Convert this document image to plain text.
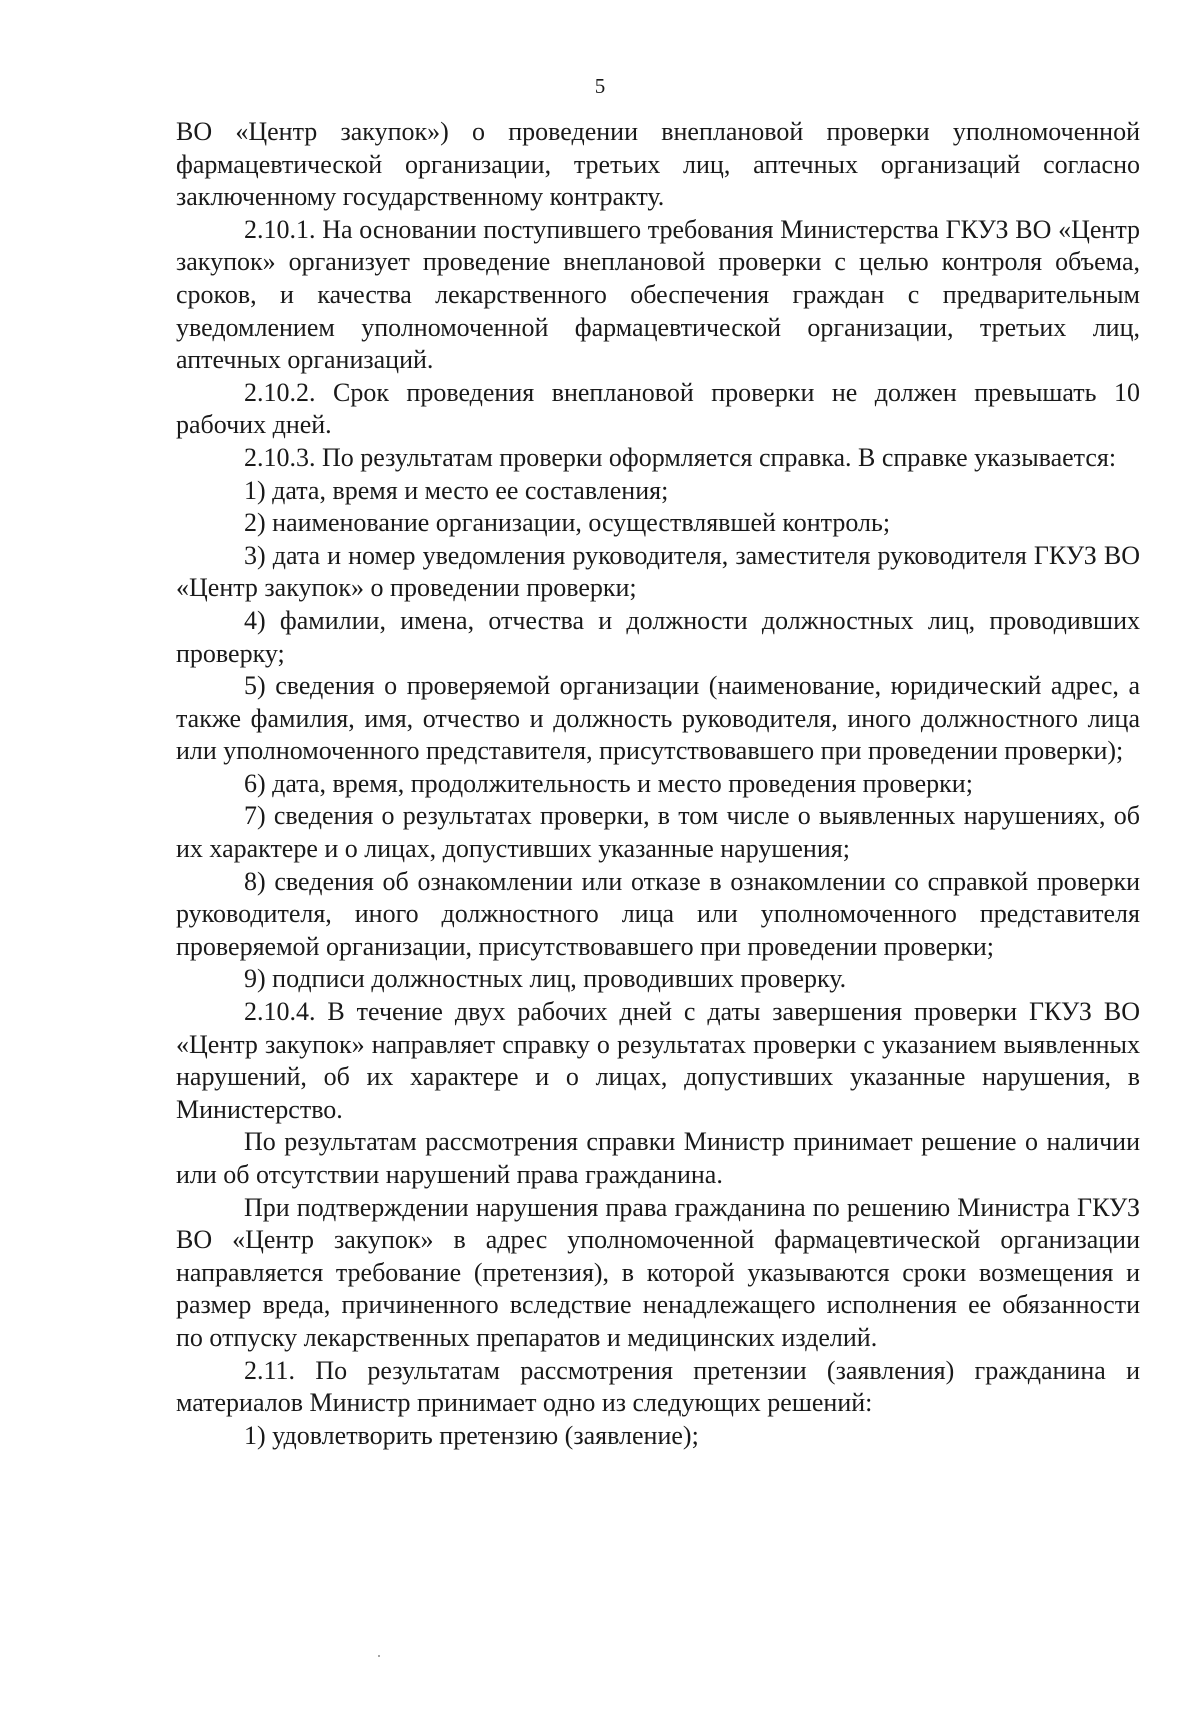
5

ВО «Центр закупок») о проведении внеплановой проверки уполномоченной фармацевтической организации, третьих лиц, аптечных организаций согласно заключенному государственному контракту.

2.10.1. На основании поступившего требования Министерства ГКУЗ ВО «Центр закупок» организует проведение внеплановой проверки с целью контроля объема, сроков, и качества лекарственного обеспечения граждан с предварительным уведомлением уполномоченной фармацевтической организации, третьих лиц, аптечных организаций.

2.10.2. Срок проведения внеплановой проверки не должен превышать 10 рабочих дней.

2.10.3. По результатам проверки оформляется справка. В справке указывается:

1) дата, время и место ее составления;

2) наименование организации, осуществлявшей контроль;

3) дата и номер уведомления руководителя, заместителя руководителя ГКУЗ ВО «Центр закупок» о проведении проверки;

4) фамилии, имена, отчества и должности должностных лиц, проводивших проверку;

5) сведения о проверяемой организации (наименование, юридический адрес, а также фамилия, имя, отчество и должность руководителя, иного должностного лица или уполномоченного представителя, присутствовавшего при проведении проверки);

6) дата, время, продолжительность и место проведения проверки;

7) сведения о результатах проверки, в том числе о выявленных нарушениях, об их характере и о лицах, допустивших указанные нарушения;

8) сведения об ознакомлении или отказе в ознакомлении со справкой проверки руководителя, иного должностного лица или уполномоченного представителя проверяемой организации, присутствовавшего при проведении проверки;

9) подписи должностных лиц, проводивших проверку.

2.10.4. В течение двух рабочих дней с даты завершения проверки ГКУЗ ВО «Центр закупок» направляет справку о результатах проверки с указанием выявленных нарушений, об их характере и о лицах, допустивших указанные нарушения, в Министерство.

По результатам рассмотрения справки Министр принимает решение о наличии или об отсутствии нарушений права гражданина.

При подтверждении нарушения права гражданина по решению Министра ГКУЗ ВО «Центр закупок» в адрес уполномоченной фармацевтической организации направляется требование (претензия), в которой указываются сроки возмещения и размер вреда, причиненного вследствие ненадлежащего исполнения ее обязанности по отпуску лекарственных препаратов и медицинских изделий.

2.11. По результатам рассмотрения претензии (заявления) гражданина и материалов Министр принимает одно из следующих решений:

1) удовлетворить претензию (заявление);
